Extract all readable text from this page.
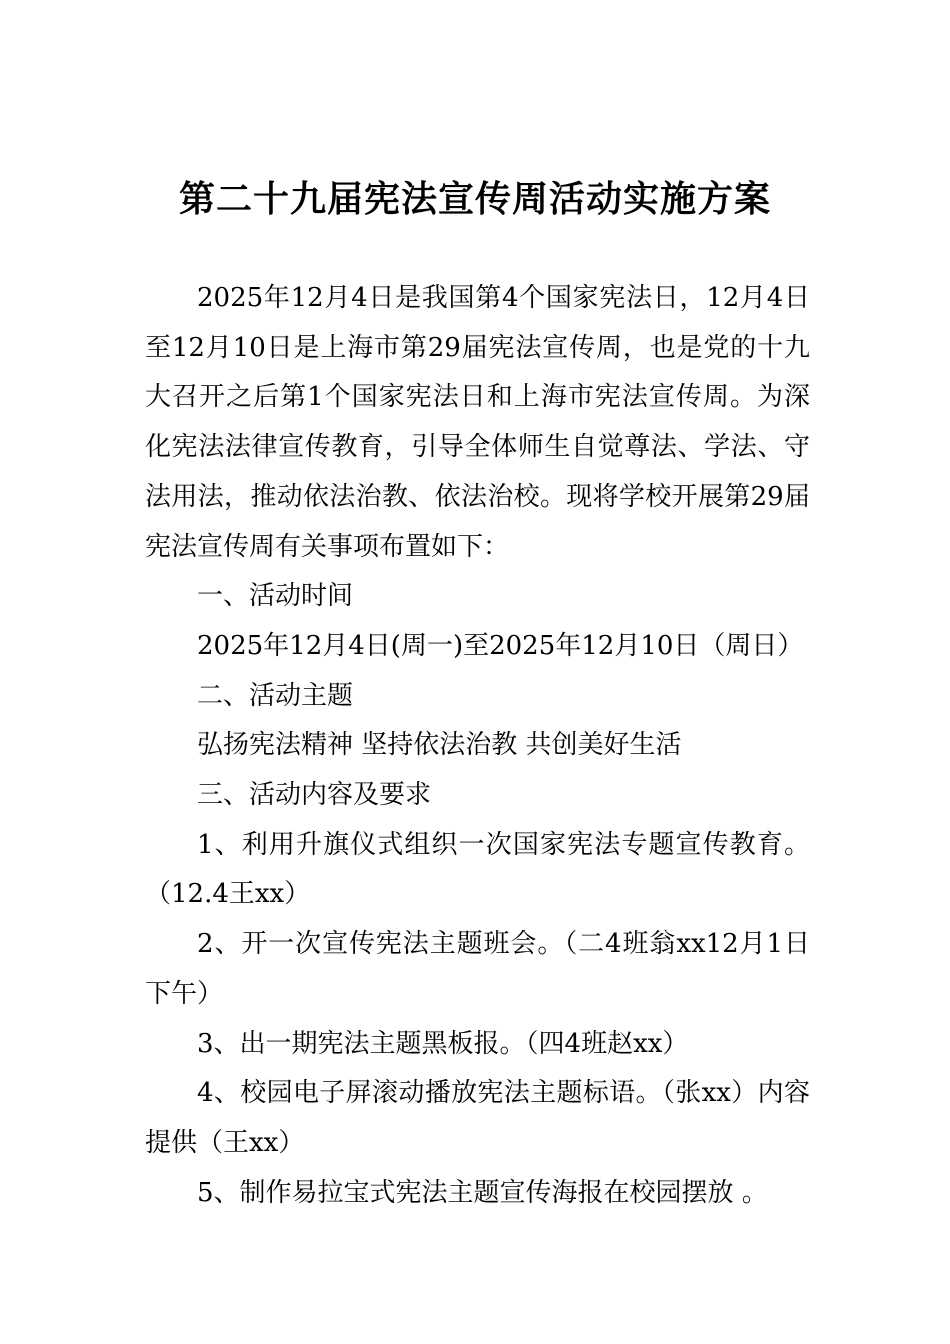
第二十九届宪法宣传周活动实施方案

2025年12月4日是我国第4个国家宪法日，12月4日至12月10日是上海市第29届宪法宣传周，也是党的十九大召开之后第1个国家宪法日和上海市宪法宣传周。为深化宪法法律宣传教育，引导全体师生自觉尊法、学法、守法用法，推动依法治教、依法治校。现将学校开展第29届宪法宣传周有关事项布置如下：

一、活动时间

2025年12月4日(周一)至2025年12月10日（周日）

二、活动主题

弘扬宪法精神 坚持依法治教 共创美好生活

三、活动内容及要求

1、利用升旗仪式组织一次国家宪法专题宣传教育。（12.4王xx）

2、开一次宣传宪法主题班会。（二4班翁xx12月1日下午）

3、出一期宪法主题黑板报。（四4班赵xx）

4、校园电子屏滚动播放宪法主题标语。（张xx）内容提供（王xx）

5、制作易拉宝式宪法主题宣传海报在校园摆放 。
